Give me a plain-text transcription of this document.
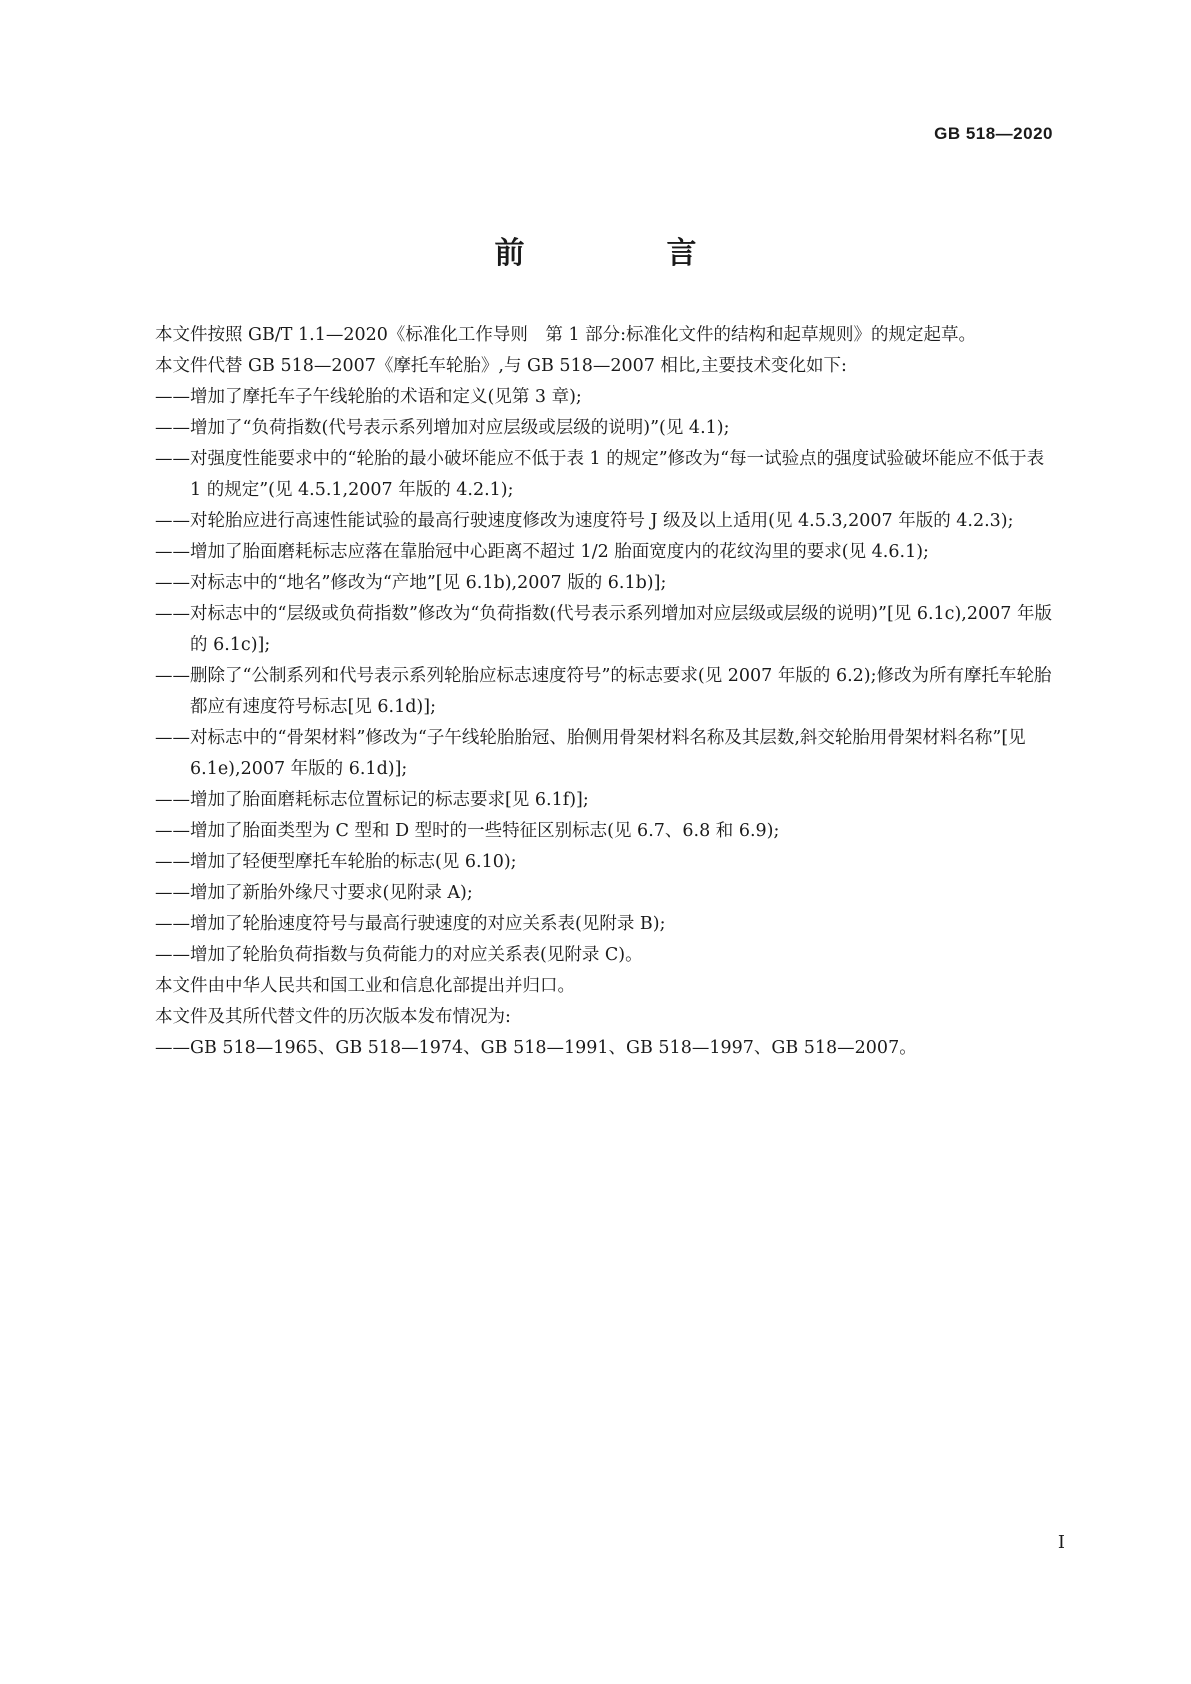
GB 518—2020
前　言

本文件按照 GB/T 1.1—2020《标准化工作导则　第 1 部分:标准化文件的结构和起草规则》的规定起草。

本文件代替 GB 518—2007《摩托车轮胎》,与 GB 518—2007 相比,主要技术变化如下:

——增加了摩托车子午线轮胎的术语和定义(见第 3 章);

——增加了“负荷指数(代号表示系列增加对应层级或层级的说明)”(见 4.1);

——对强度性能要求中的“轮胎的最小破坏能应不低于表 1 的规定”修改为“每一试验点的强度试验破坏能应不低于表 1 的规定”(见 4.5.1,2007 年版的 4.2.1);

——对轮胎应进行高速性能试验的最高行驶速度修改为速度符号 J 级及以上适用(见 4.5.3,2007 年版的 4.2.3);

——增加了胎面磨耗标志应落在靠胎冠中心距离不超过 1/2 胎面宽度内的花纹沟里的要求(见 4.6.1);

——对标志中的“地名”修改为“产地”[见 6.1b),2007 版的 6.1b)];

——对标志中的“层级或负荷指数”修改为“负荷指数(代号表示系列增加对应层级或层级的说明)”[见 6.1c),2007 年版的 6.1c)];

——删除了“公制系列和代号表示系列轮胎应标志速度符号”的标志要求(见 2007 年版的 6.2);修改为所有摩托车轮胎都应有速度符号标志[见 6.1d)];

——对标志中的“骨架材料”修改为“子午线轮胎胎冠、胎侧用骨架材料名称及其层数,斜交轮胎用骨架材料名称”[见 6.1e),2007 年版的 6.1d)];

——增加了胎面磨耗标志位置标记的标志要求[见 6.1f)];

——增加了胎面类型为 C 型和 D 型时的一些特征区别标志(见 6.7、6.8 和 6.9);

——增加了轻便型摩托车轮胎的标志(见 6.10);

——增加了新胎外缘尺寸要求(见附录 A);

——增加了轮胎速度符号与最高行驶速度的对应关系表(见附录 B);

——增加了轮胎负荷指数与负荷能力的对应关系表(见附录 C)。

本文件由中华人民共和国工业和信息化部提出并归口。

本文件及其所代替文件的历次版本发布情况为:

——GB 518—1965、GB 518—1974、GB 518—1991、GB 518—1997、GB 518—2007。

I
